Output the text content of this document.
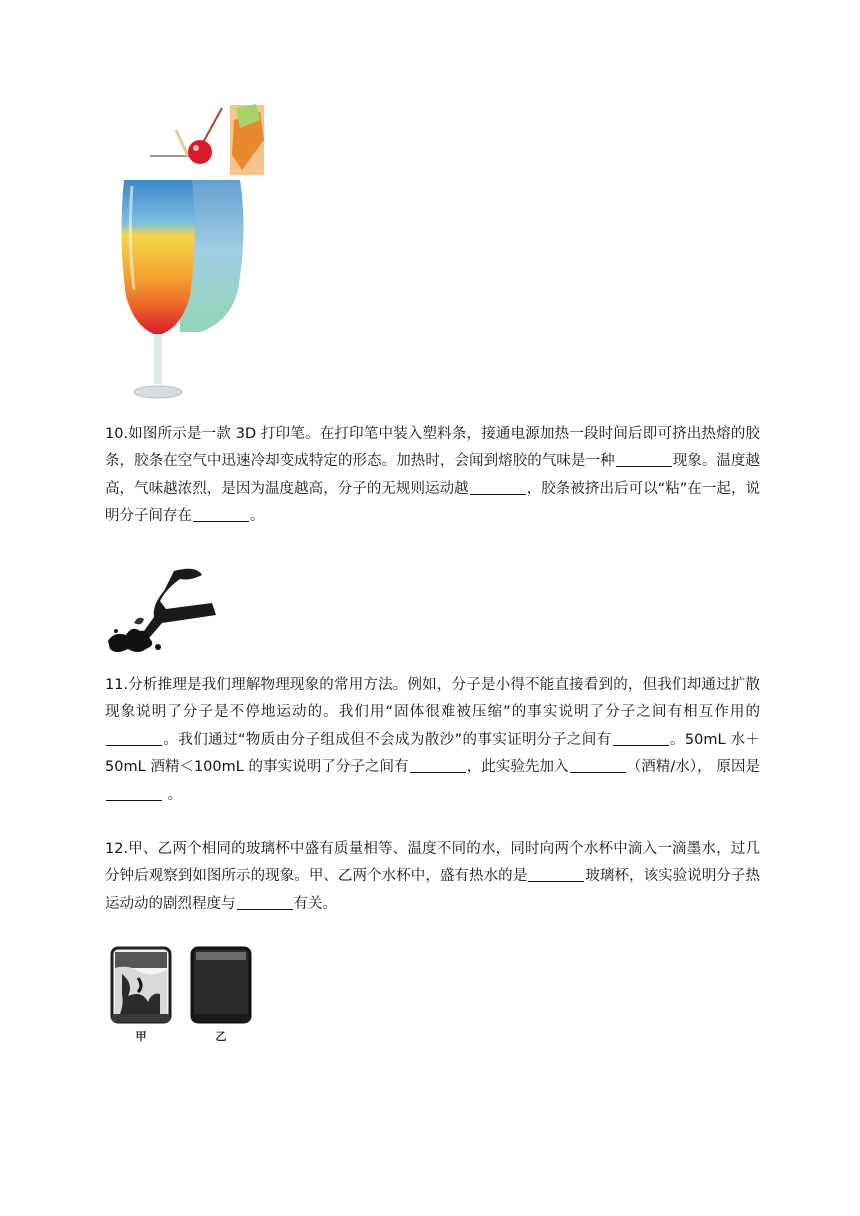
10.如图所示是一款 3D 打印笔。在打印笔中装入塑料条，接通电源加热一段时间后即可挤出热熔的胶条，胶条在空气中迅速冷却变成特定的形态。加热时，会闻到熔胶的气味是一种	现象。温度越高，气味越浓烈，是因为温度越高，分子的无规则运动越	，胶条被挤出后可以“粘”在一起，说明分子间存在	。

11.分析推理是我们理解物理现象的常用方法。例如，分子是小得不能直接看到的，但我们却通过扩散现象说明了分子是不停地运动的。我们用“固体很难被压缩”的事实说明了分子之间有相互作用的。我们通过“物质由分子组成但不会成为散沙”的事实证明分子之间有	。50mL 水＋50mL 酒精＜100mL 的事实说明了分子之间有	，此实验先加入	（酒精/水）， 原因是 。

12.甲、乙两个相同的玻璃杯中盛有质量相等、温度不同的水，同时向两个水杯中滴入一滴墨水，过几分钟后观察到如图所示的现象。甲、乙两个水杯中，盛有热水的是	玻璃杯，该实验说明分子热运动动的剧烈程度与	有关。

甲	乙
